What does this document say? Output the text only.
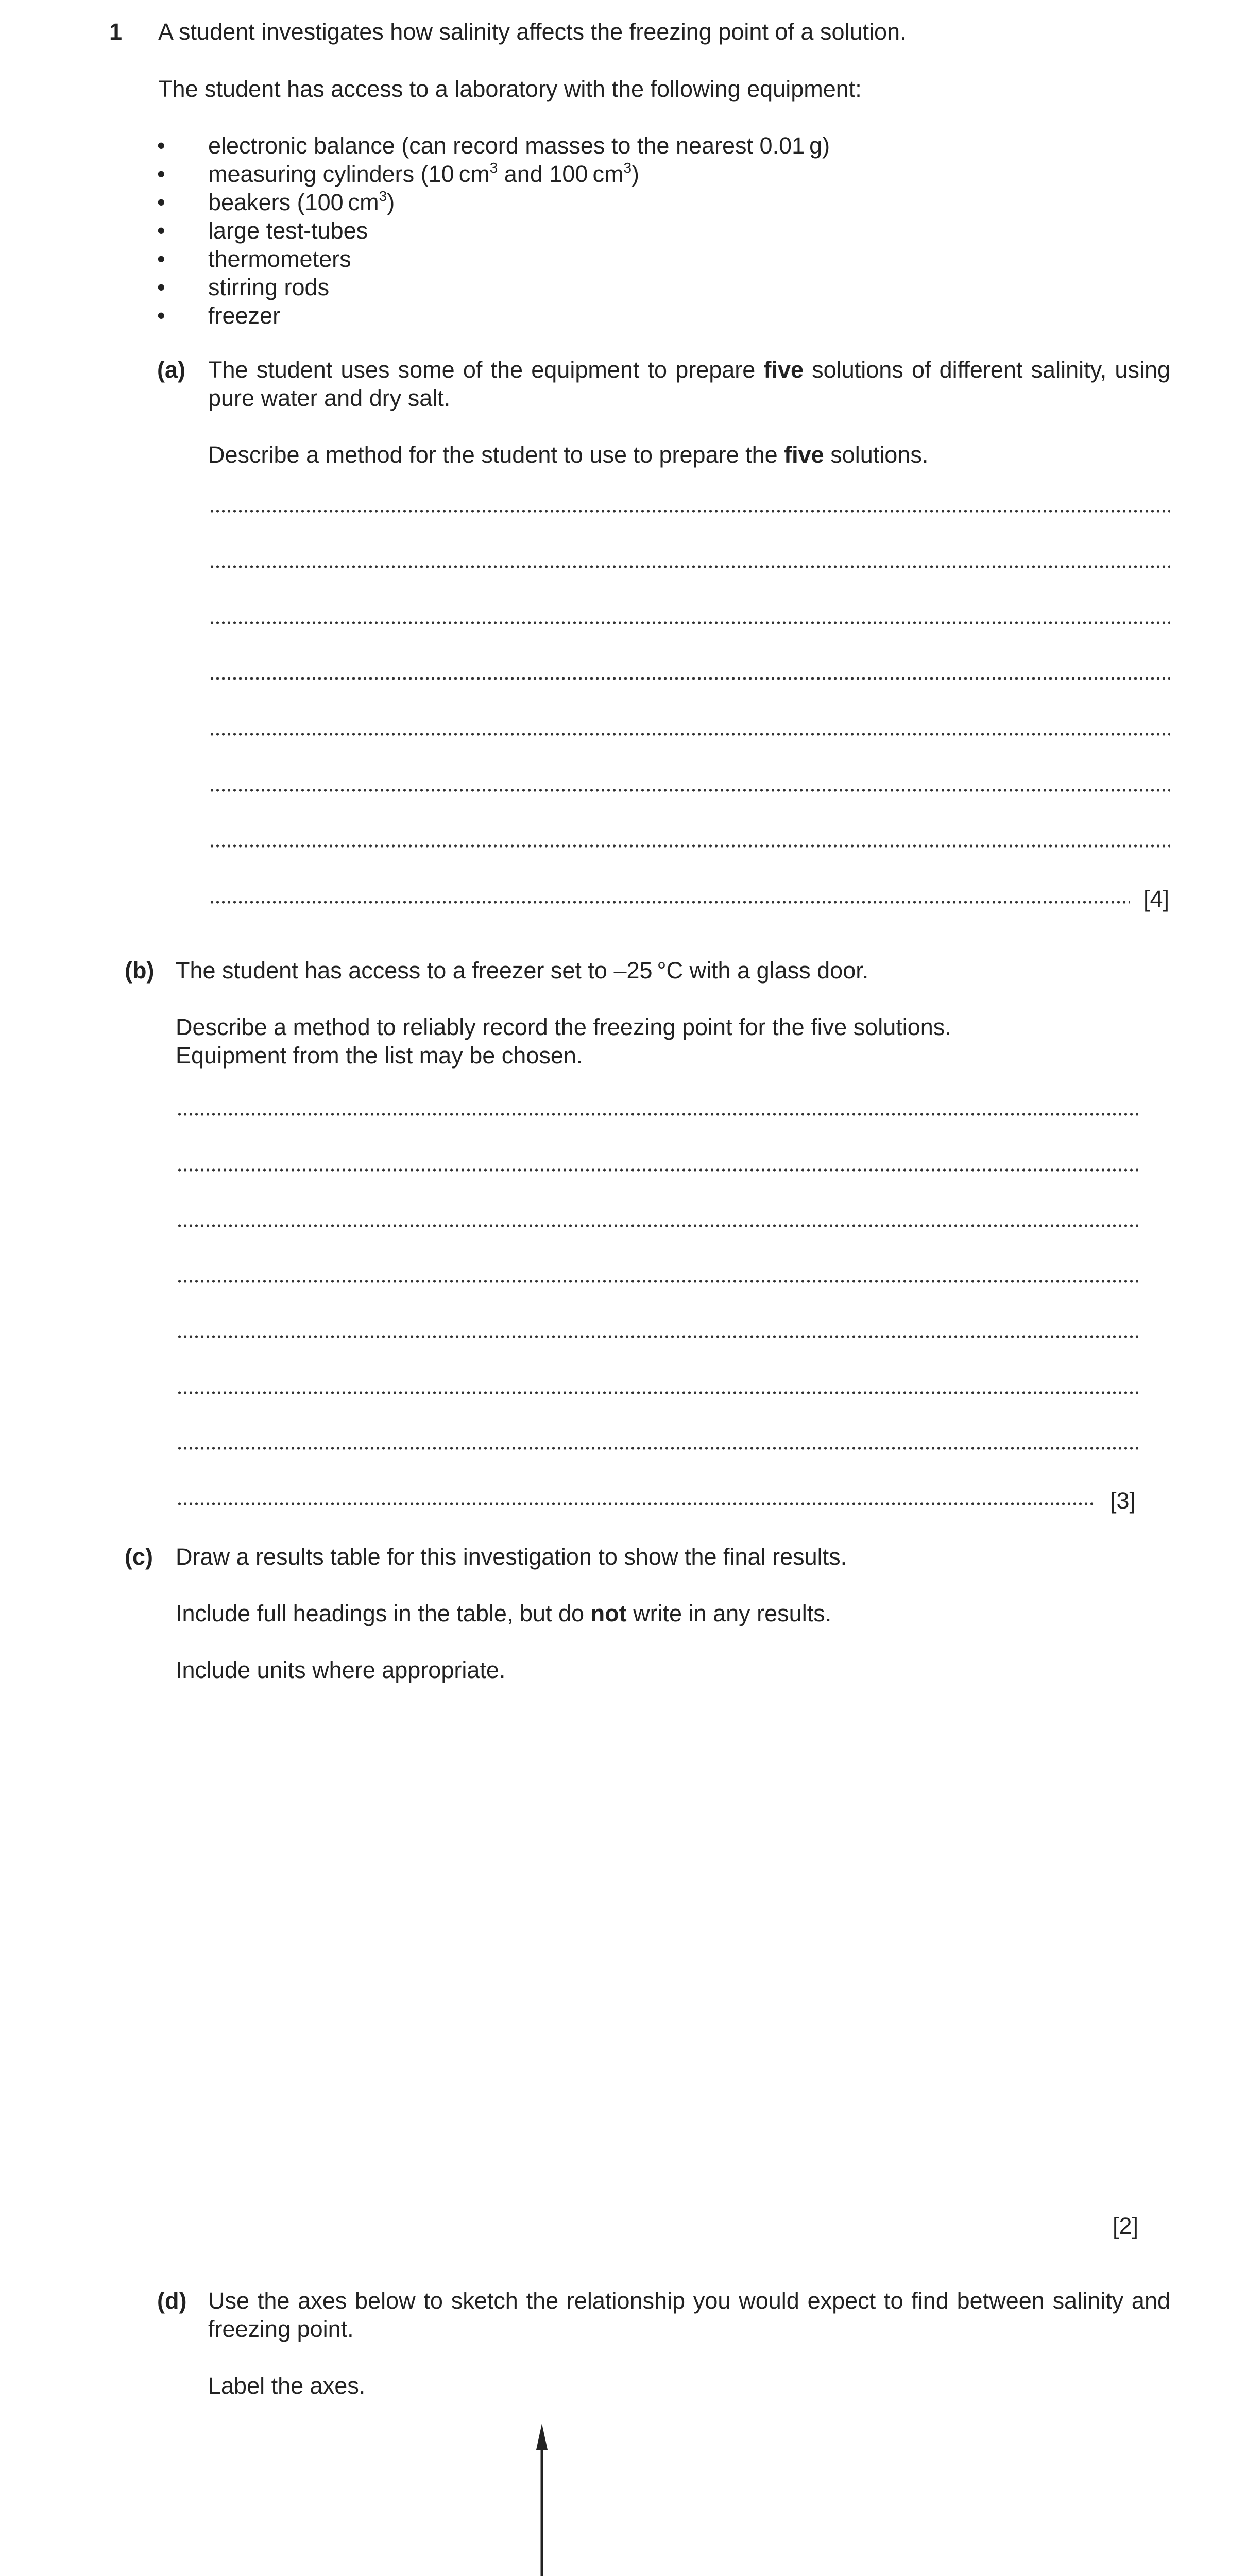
1 A student investigates how salinity affects the freezing point of a solution.
The student has access to a laboratory with the following equipment:
• electronic balance (can record masses to the nearest 0.01 g)
• measuring cylinders (10 $cm^3$ and 100 $cm^3$)
• beakers (100 $cm^3$)
• large test-tubes
• thermometers
• stirring rods
• freezer
(a) The student uses some of the equipment to prepare five solutions of different salinity, using pure water and dry salt.
Describe a method for the student to use to prepare the five solutions.
[4]
(b) The student has access to a freezer set to –25 °C with a glass door.
Describe a method to reliably record the freezing point for the five solutions.
Equipment from the list may be chosen.
[3]
(c) Draw a results table for this investigation to show the final results.
Include full headings in the table, but do not write in any results.
Include units where appropriate.
[2]
(d) Use the axes below to sketch the relationship you would expect to find between salinity and freezing point.
Label the axes.
